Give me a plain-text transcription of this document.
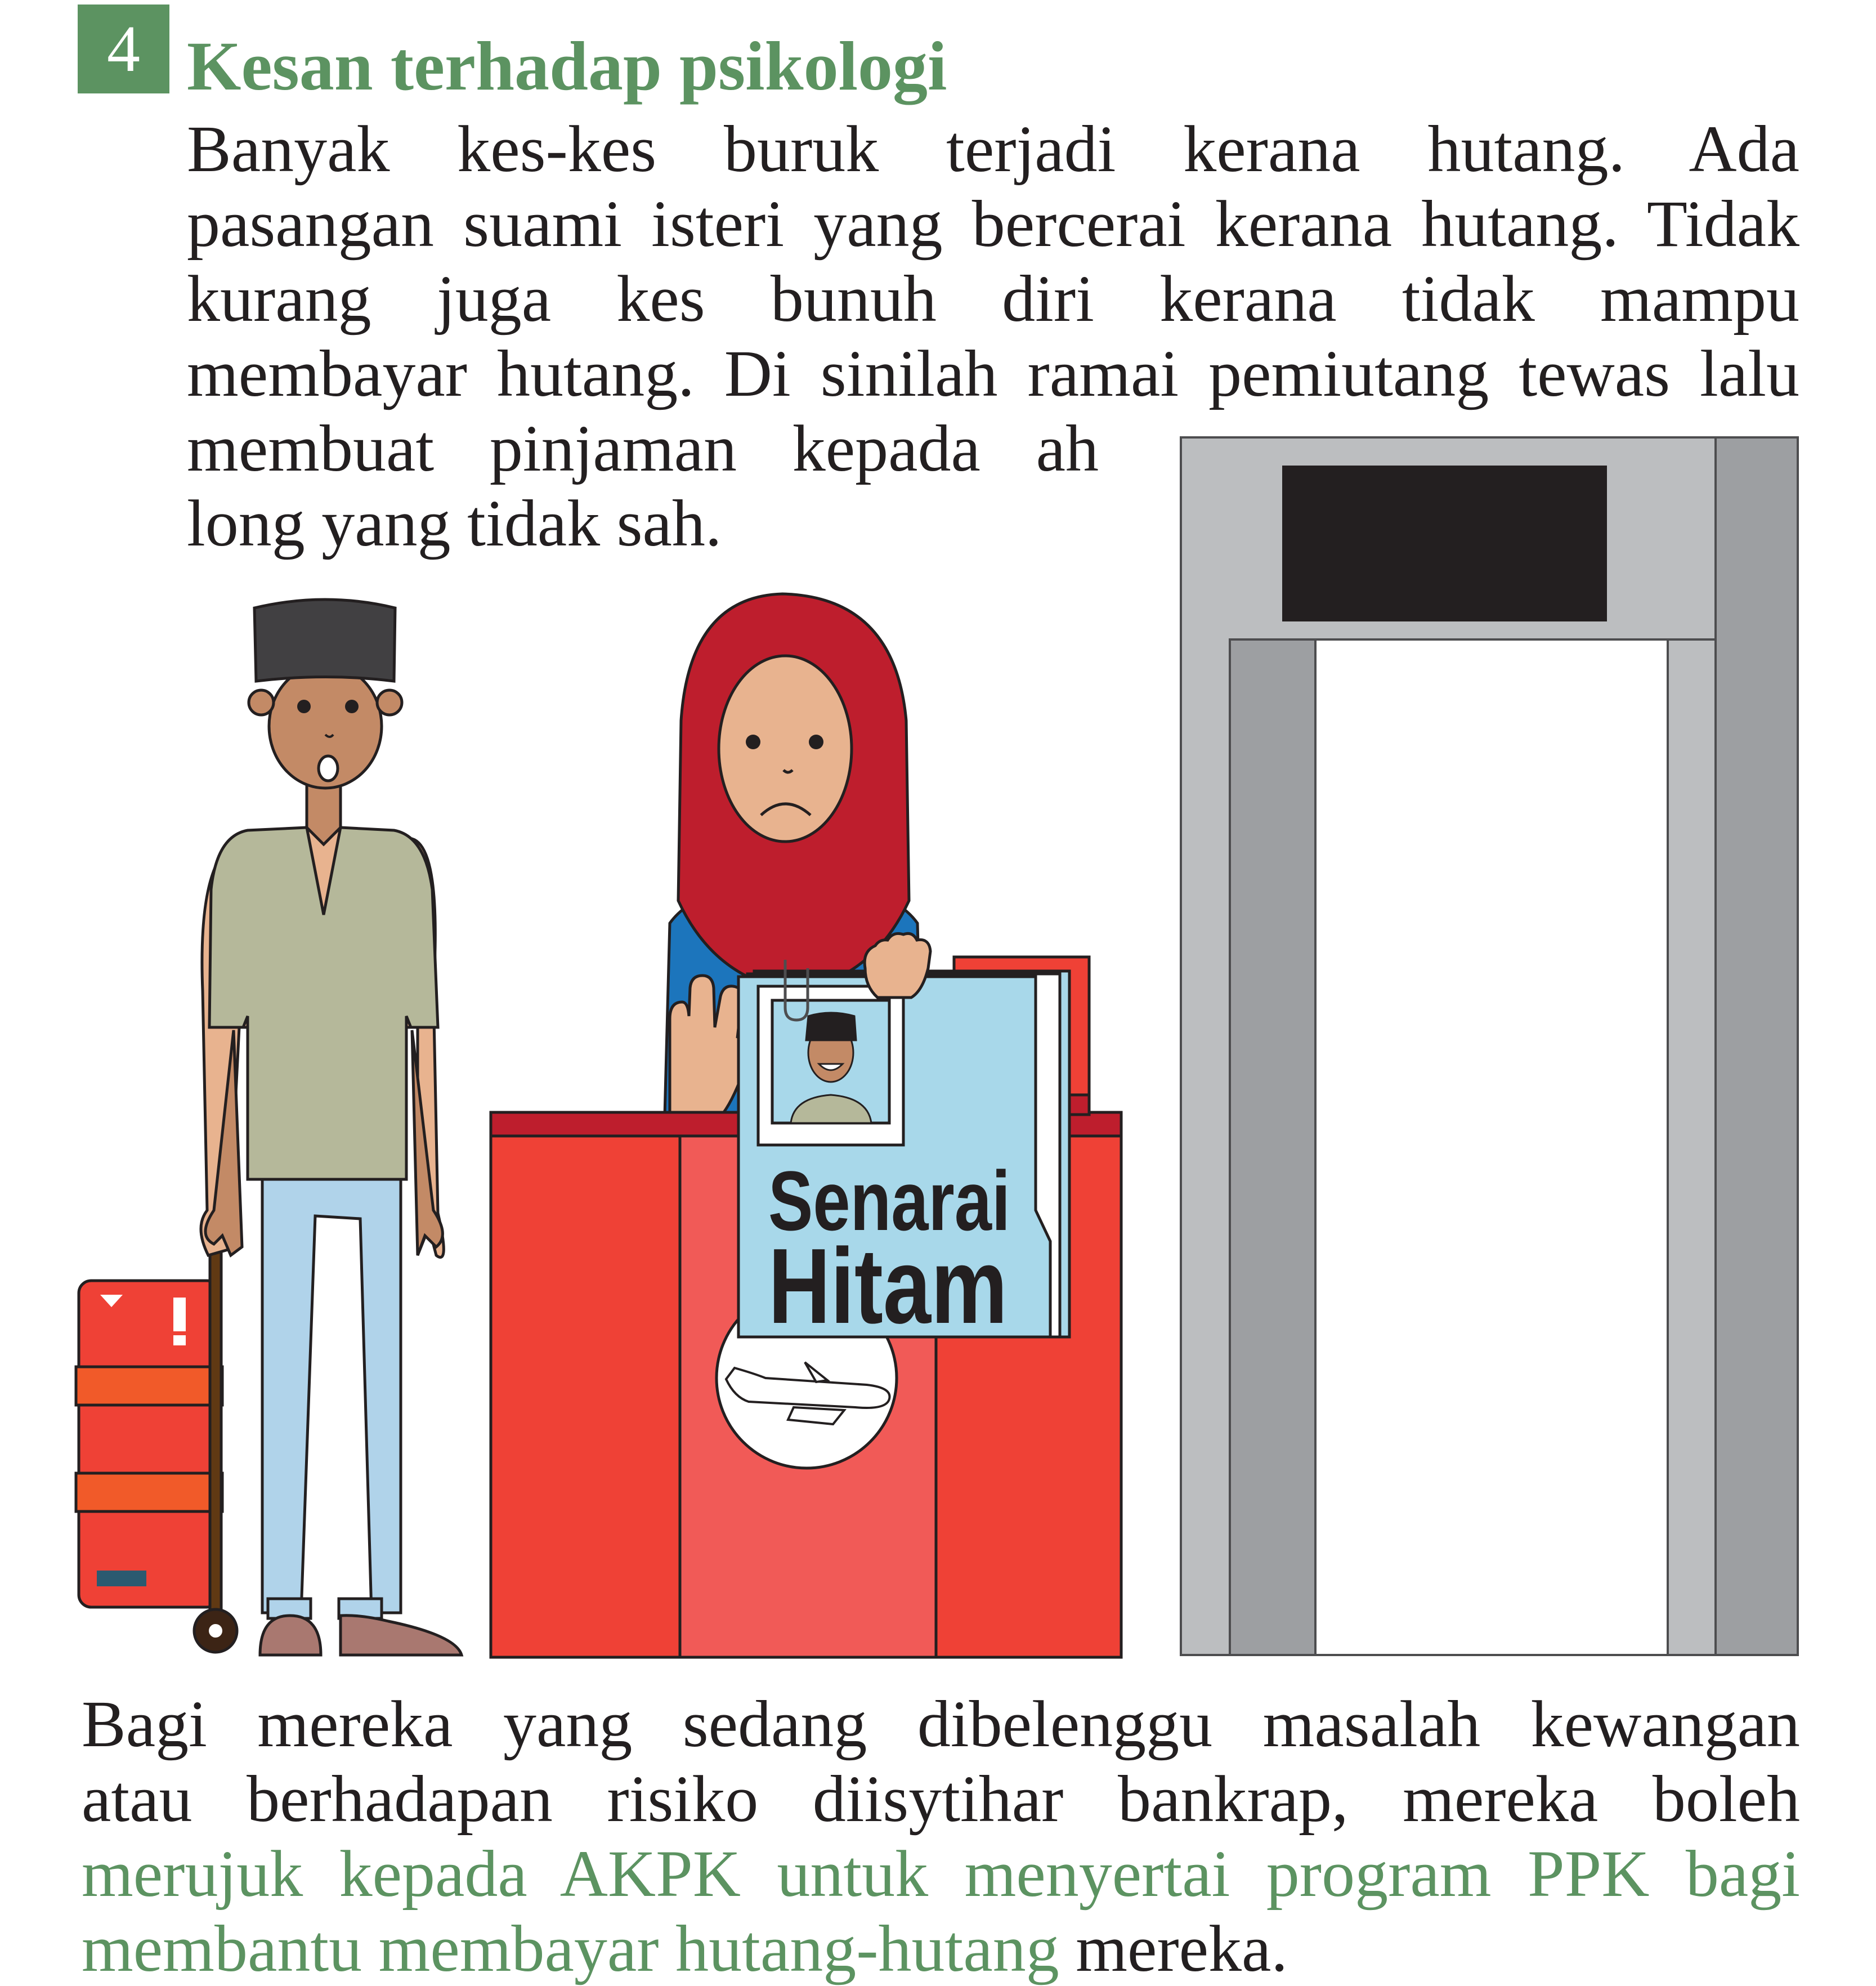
4 Kesan terhadap psikologi
Banyak kes-kes buruk terjadi kerana hutang. Ada
pasangan suami isteri yang bercerai kerana hutang. Tidak
kurang juga kes bunuh diri kerana tidak mampu
membayar hutang. Di sinilah ramai pemiutang tewas lalu
membuat pinjaman kepada ah
long yang tidak sah.
Senarai
Hitam
Bagi mereka yang sedang dibelenggu masalah kewangan
atau berhadapan risiko diisytihar bankrap, mereka boleh
merujuk kepada AKPK untuk menyertai program PPK bagi
membantu membayar hutang-hutang mereka.
